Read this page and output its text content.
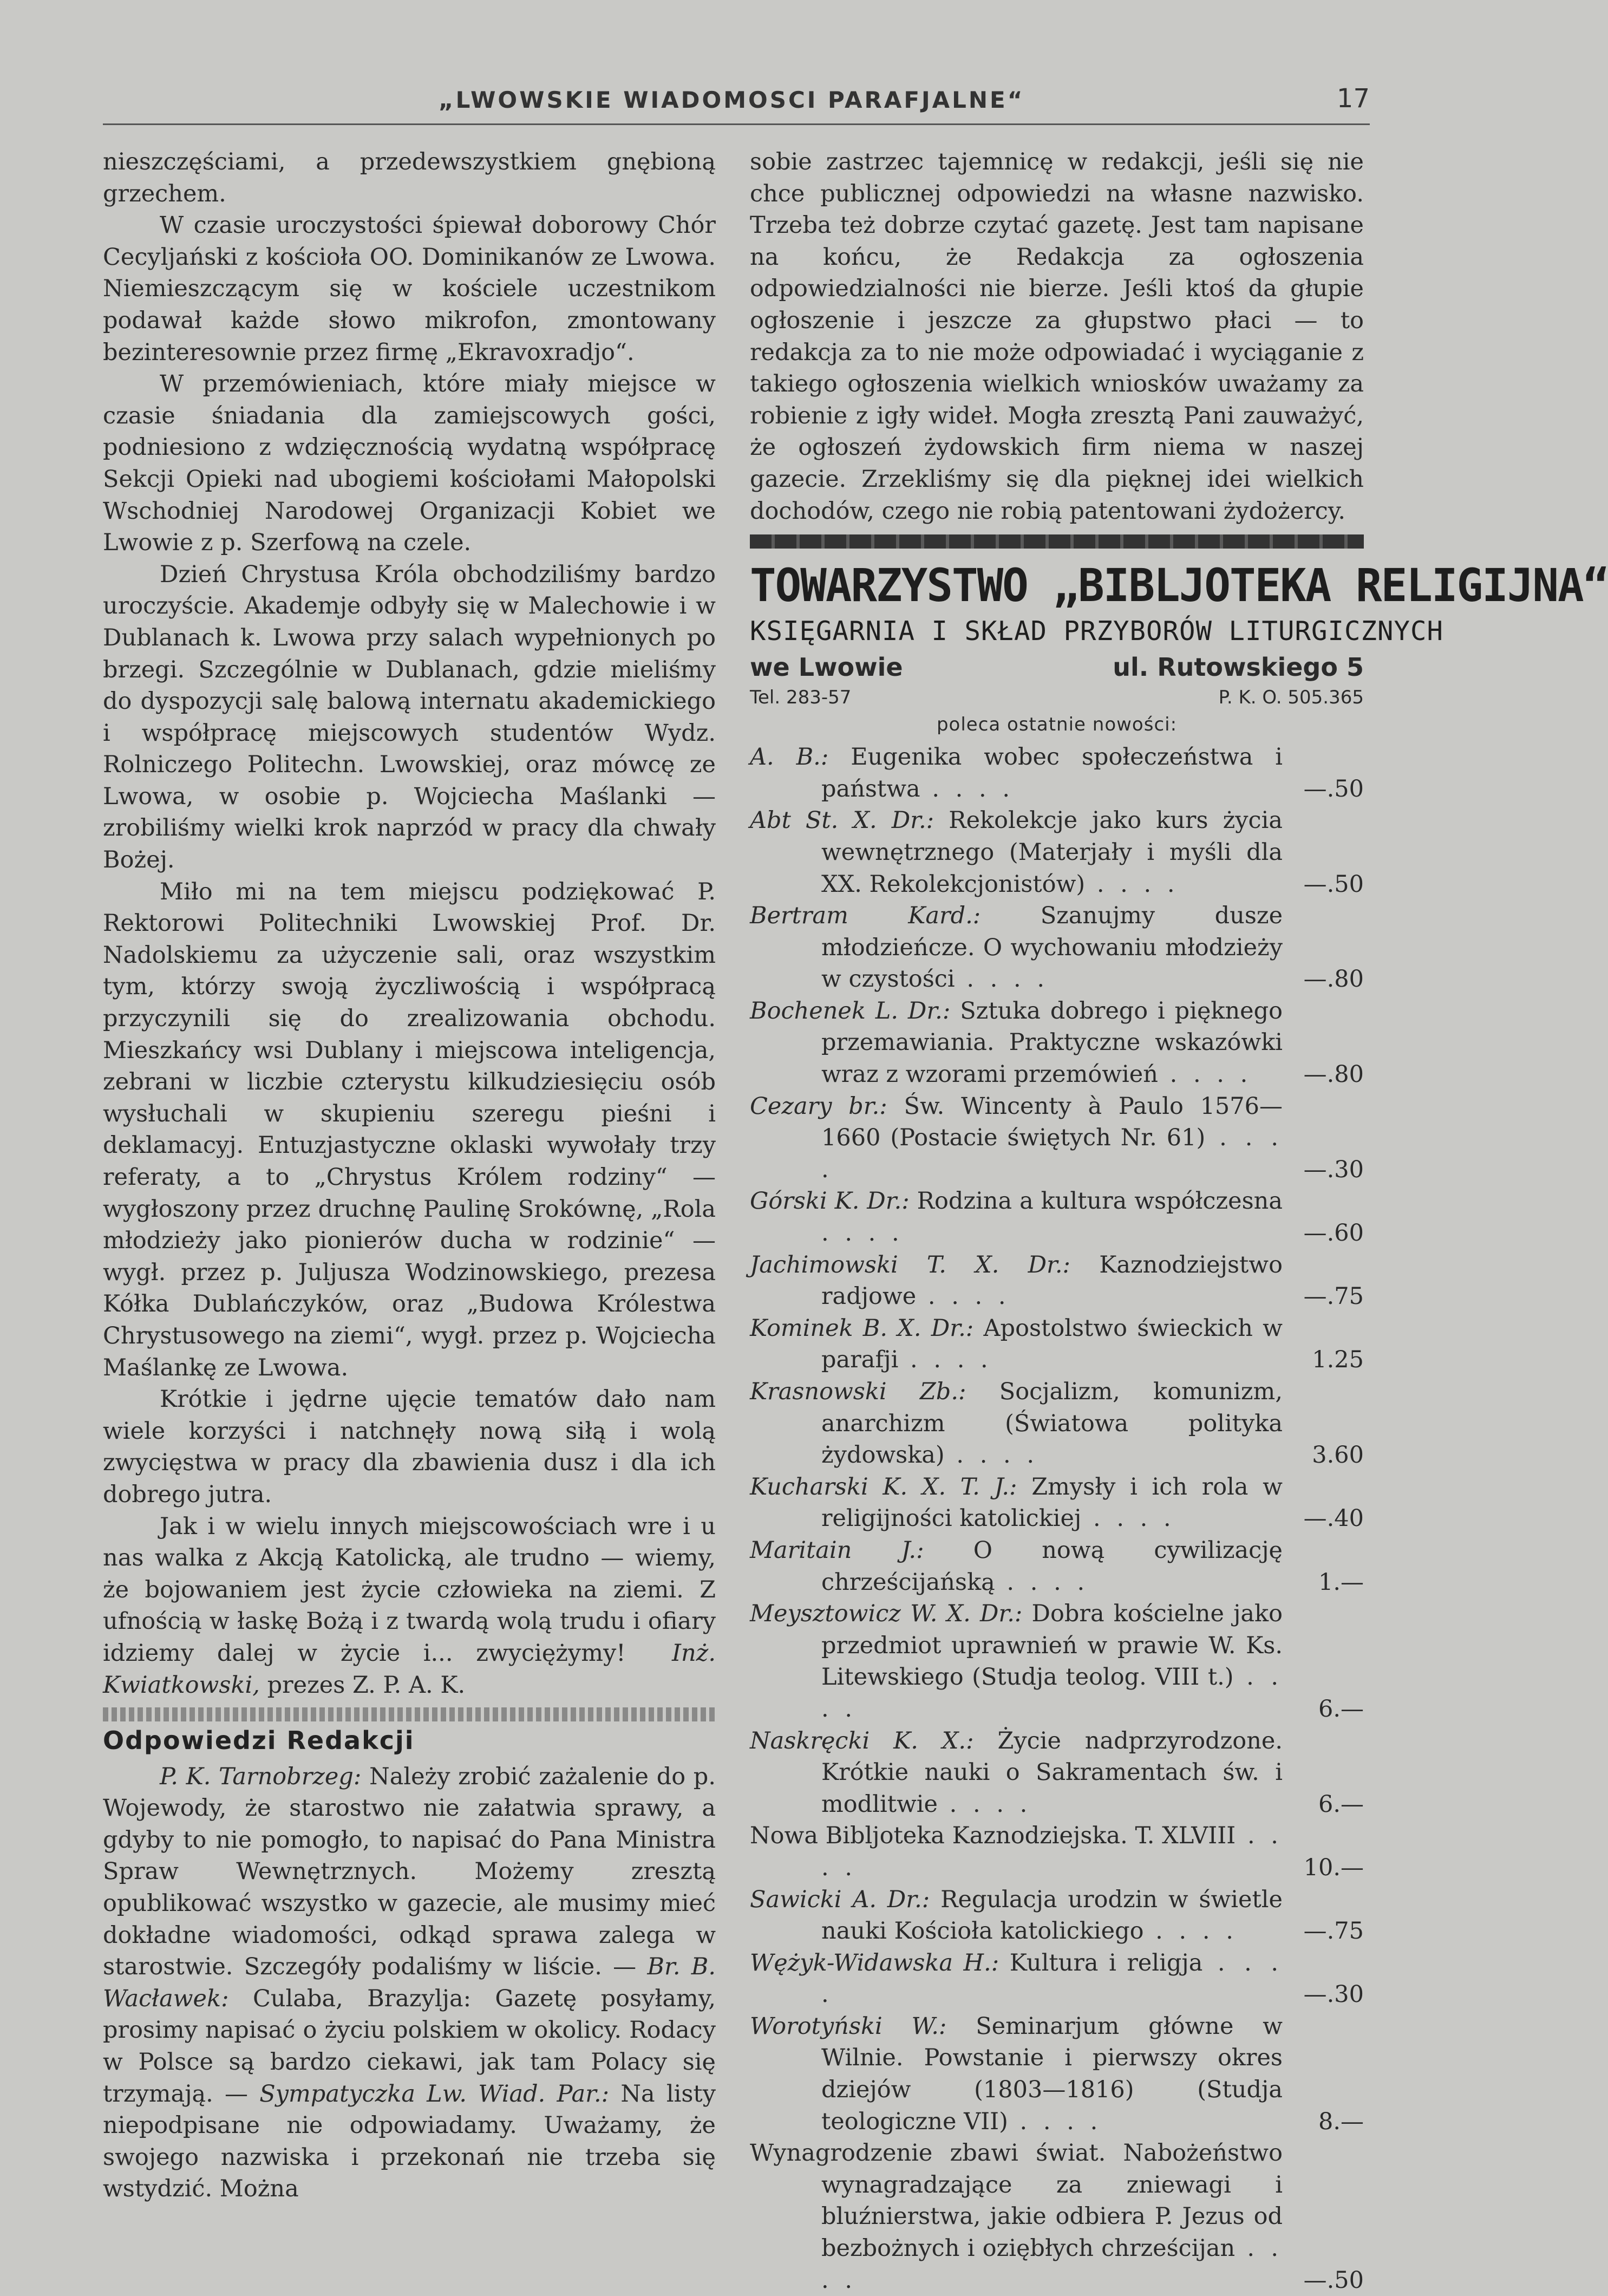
„LWOWSKIE WIADOMOSCI PARAFJALNE“	17

nieszczęściami, a przedewszystkiem gnębioną grzechem.

W czasie uroczystości śpiewał doborowy Chór Cecyljański z kościoła OO. Dominikanów ze Lwowa. Niemieszczącym się w kościele uczestnikom podawał każde słowo mikrofon, zmontowany bezinteresownie przez firmę „Ekravoxradjo“.

W przemówieniach, które miały miejsce w czasie śniadania dla zamiejscowych gości, podniesiono z wdzięcznością wydatną współpracę Sekcji Opieki nad ubogiemi kościołami Małopolski Wschodniej Narodowej Organizacji Kobiet we Lwowie z p. Szerfową na czele.

Dzień Chrystusa Króla obchodziliśmy bardzo uroczyście. Akademje odbyły się w Malechowie i w Dublanach k. Lwowa przy salach wypełnionych po brzegi. Szczególnie w Dublanach, gdzie mieliśmy do dyspozycji salę balową internatu akademickiego i współpracę miejscowych studentów Wydz. Rolniczego Politechn. Lwowskiej, oraz mówcę ze Lwowa, w osobie p. Wojciecha Maślanki — zrobiliśmy wielki krok naprzód w pracy dla chwały Bożej.

Miło mi na tem miejscu podziękować P. Rektorowi Politechniki Lwowskiej Prof. Dr. Nadolskiemu za użyczenie sali, oraz wszystkim tym, którzy swoją życzliwością i współpracą przyczynili się do zrealizowania obchodu. Mieszkańcy wsi Dublany i miejscowa inteligencja, zebrani w liczbie czterystu kilkudziesięciu osób wysłuchali w skupieniu szeregu pieśni i deklamacyj. Entuzjastyczne oklaski wywołały trzy referaty, a to „Chrystus Królem rodziny“ — wygłoszony przez druchnę Paulinę Srokównę, „Rola młodzieży jako pionierów ducha w rodzinie“ — wygł. przez p. Juljusza Wodzinowskiego, prezesa Kółka Dublańczyków, oraz „Budowa Królestwa Chrystusowego na ziemi“, wygł. przez p. Wojciecha Maślankę ze Lwowa.

Krótkie i jędrne ujęcie tematów dało nam wiele korzyści i natchnęły nową siłą i wolą zwycięstwa w pracy dla zbawienia dusz i dla ich dobrego jutra.

Jak i w wielu innych miejscowościach wre i u nas walka z Akcją Katolicką, ale trudno — wiemy, że bojowaniem jest życie człowieka na ziemi. Z ufnością w łaskę Bożą i z twardą wolą trudu i ofiary idziemy dalej w życie i... zwyciężymy! Inż. Kwiatkowski, prezes Z. P. A. K.

Odpowiedzi Redakcji

P. K. Tarnobrzeg: Należy zrobić zażalenie do p. Wojewody, że starostwo nie załatwia sprawy, a gdyby to nie pomogło, to napisać do Pana Ministra Spraw Wewnętrznych. Możemy zresztą opublikować wszystko w gazecie, ale musimy mieć dokładne wiadomości, odkąd sprawa zalega w starostwie. Szczegóły podaliśmy w liście. — Br. B. Wacławek: Culaba, Brazylja: Gazetę posyłamy, prosimy napisać o życiu polskiem w okolicy. Rodacy w Polsce są bardzo ciekawi, jak tam Polacy się trzymają. — Sympatyczka Lw. Wiad. Par.: Na listy niepodpisane nie odpowiadamy. Uważamy, że swojego nazwiska i przekonań nie trzeba się wstydzić. Można

sobie zastrzec tajemnicę w redakcji, jeśli się nie chce publicznej odpowiedzi na własne nazwisko. Trzeba też dobrze czytać gazetę. Jest tam napisane na końcu, że Redakcja za ogłoszenia odpowiedzialności nie bierze. Jeśli ktoś da głupie ogłoszenie i jeszcze za głupstwo płaci — to redakcja za to nie może odpowiadać i wyciąganie z takiego ogłoszenia wielkich wniosków uważamy za robienie z igły wideł. Mogła zresztą Pani zauważyć, że ogłoszeń żydowskich firm niema w naszej gazecie. Zrzekliśmy się dla pięknej idei wielkich dochodów, czego nie robią patentowani żydożercy.

TOWARZYSTWO „BIBLJOTEKA RELIGIJNA“
KSIĘGARNIA I SKŁAD PRZYBORÓW LITURGICZNYCH
we Lwowie	ul. Rutowskiego 5
Tel. 283-57	P. K. O. 505.365
poleca ostatnie nowości:
A. B.: Eugenika wobec społeczeństwa i państwa . . . .	—.50
Abt St. X. Dr.: Rekolekcje jako kurs życia wewnętrznego (Materjały i myśli dla XX. Rekolekcjonistów) . . . .	—.50
Bertram Kard.:	Szanujmy dusze młodzieńcze. O wychowaniu młodzieży w czystości . . . .	—.80
Bochenek L. Dr.: Sztuka dobrego i pięknego przemawiania. Praktyczne wskazówki wraz z wzorami przemówień . . . .	—.80
Cezary br.: Św. Wincenty à Paulo 1576—1660 (Postacie świętych Nr. 61) . . . .	—.30
Górski K. Dr.: Rodzina a kultura współczesna . . . .	—.60
Jachimowski T. X. Dr.: Kaznodziejstwo radjowe . . . .	—.75
Kominek B. X. Dr.: Apostolstwo świeckich w parafji . . . .	1.25
Krasnowski Zb.: Socjalizm, komunizm, anarchizm (Światowa polityka żydowska) . . . .	3.60
Kucharski K. X. T. J.: Zmysły i ich rola w religijności katolickiej . . . .	—.40
Maritain J.: O nową cywilizację chrześcijańską . . . .	1.—
Meysztowicz W. X. Dr.: Dobra kościelne jako przedmiot uprawnień w prawie W. Ks. Litewskiego (Studja teolog. VIII t.) . . . .	6.—
Naskręcki K. X.: Życie nadprzyrodzone. Krótkie nauki o Sakramentach św. i modlitwie . . . .	6.—
Nowa Bibljoteka Kaznodziejska. T. XLVIII . . . .	10.—
Sawicki A. Dr.: Regulacja urodzin w świetle nauki Kościoła katolickiego . . . .	—.75
Wężyk-Widawska H.: Kultura i religja . . . .	—.30
Worotyński W.: Seminarjum główne w Wilnie. Powstanie i pierwszy okres dziejów (1803—1816) (Studja teologiczne VII) . . . .	8.—
Wynagrodzenie zbawi świat. Nabożeństwo wynagradzające za zniewagi i bluźnierstwa, jakie odbiera P. Jezus od bezbożnych i oziębłych chrześcijan . . . .	—.50
